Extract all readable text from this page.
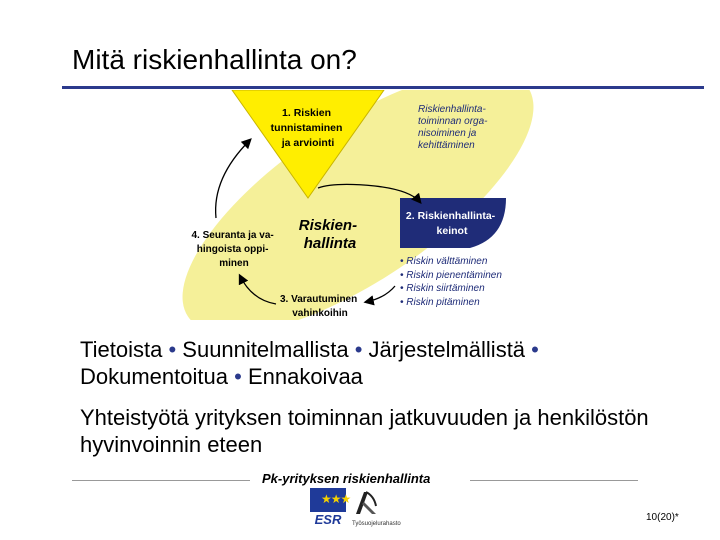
Mitä riskienhallinta on?
1. Riskien tunnistaminen ja arviointi
Riskienhallinta- toiminnan orga- nisoiminen ja kehittäminen
2. Riskienhallinta- keinot
• Riskin välttäminen
• Riskin pienentäminen
• Riskin siirtäminen
• Riskin pitäminen
Riskien- hallinta
3. Varautuminen vahinkoihin
4. Seuranta ja va- hingoista oppi- minen
Tietoista • Suunnitelmallista • Järjestelmällistä •
Dokumentoitua • Ennakoivaa
Yhteistyötä yrityksen toiminnan jatkuvuuden ja henkilöstön hyvinvoinnin eteen
Pk-yrityksen riskienhallinta
★★★
ESR	Työsuojelurahasto
10(20)*
